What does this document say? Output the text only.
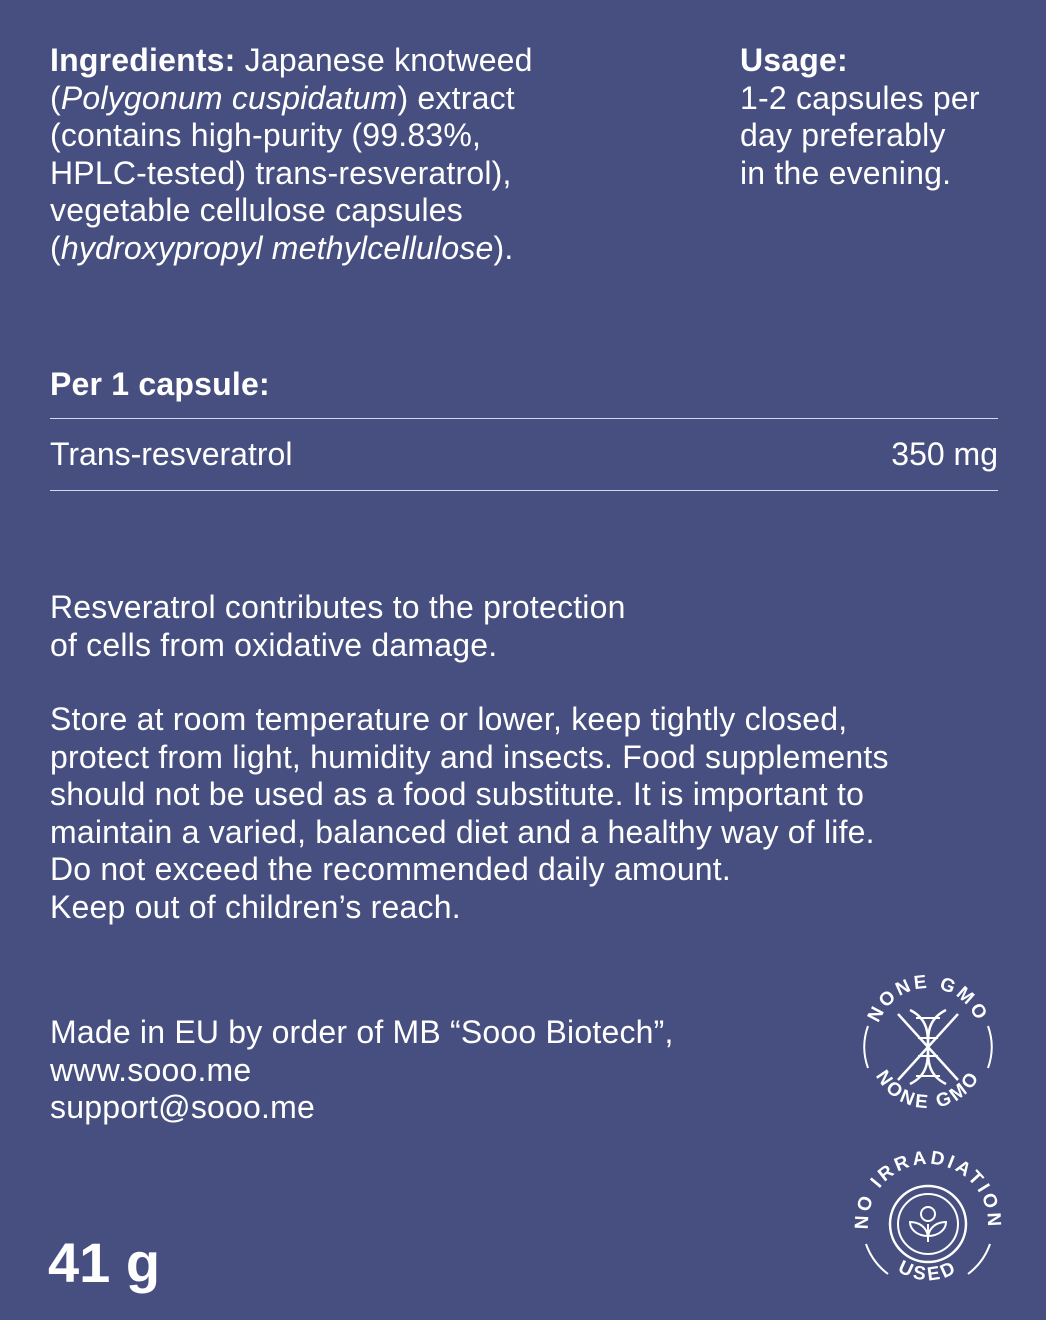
Ingredients: Japanese knotweed
(Polygonum cuspidatum) extract
(contains high-purity (99.83%,
HPLC-tested) trans-resveratrol),
vegetable cellulose capsules
(hydroxypropyl methylcellulose).
Usage:
1-2 capsules per
day preferably
in the evening.
Per 1 capsule:
Trans-resveratrol	350 mg
Resveratrol contributes to the protection
of cells from oxidative damage.
Store at room temperature or lower, keep tightly closed,
protect from light, humidity and insects. Food supplements
should not be used as a food substitute. It is important to
maintain a varied, balanced diet and a healthy way of life.
Do not exceed the recommended daily amount.
Keep out of children’s reach.
Made in EU by order of MB “Sooo Biotech”,
www.sooo.me
support@sooo.me
41 g
NONE GMO
NONE GMO
NO IRRADIATION
USED
